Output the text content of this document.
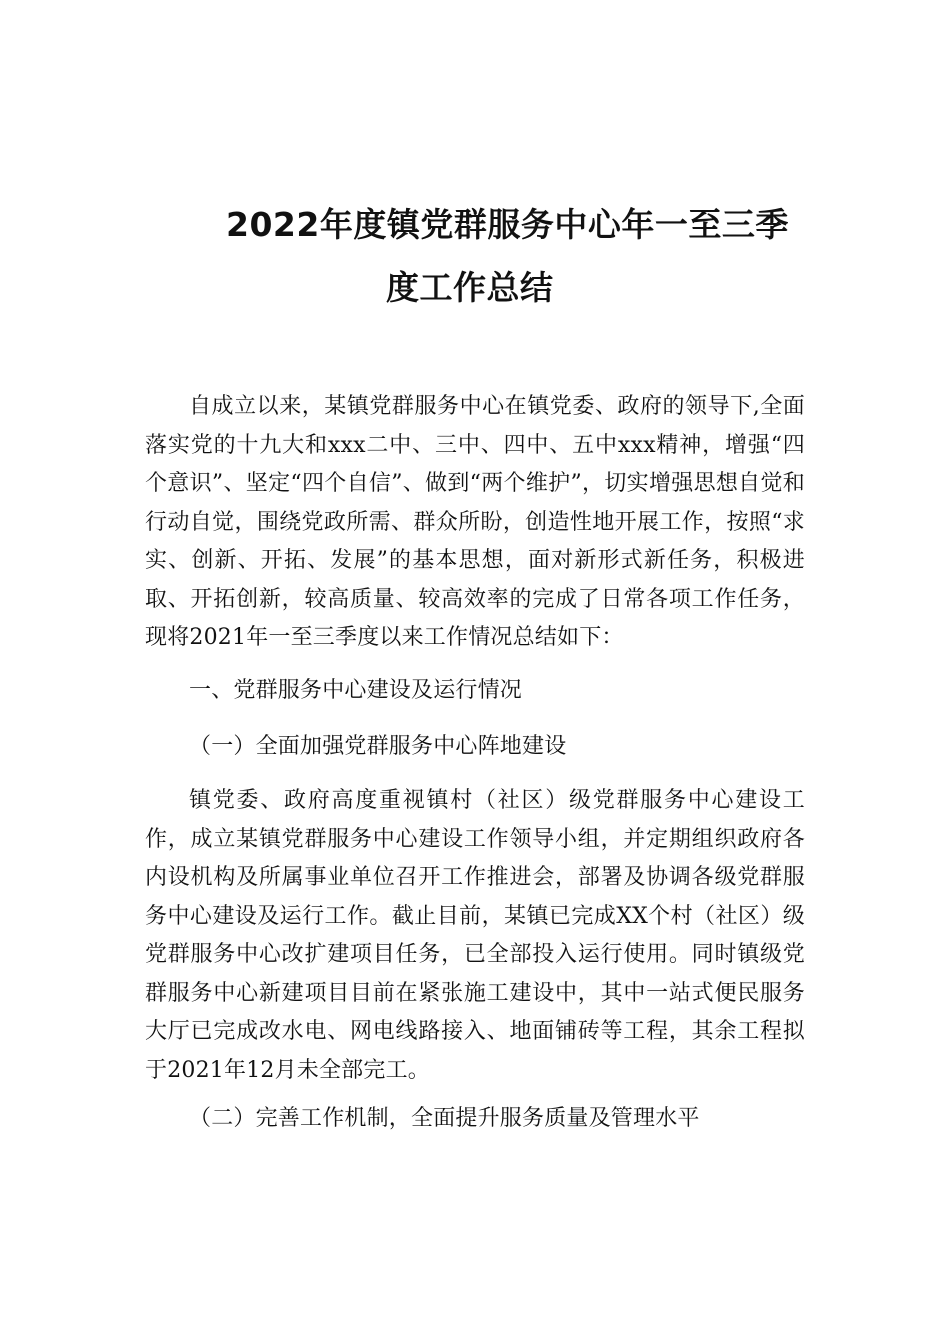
2022年度镇党群服务中心年一至三季
度工作总结
自成立以来，某镇党群服务中心在镇党委、政府的领导下,全面落实党的十九大和xxx二中、三中、四中、五中xxx精神，增强“四个意识”、坚定“四个自信”、做到“两个维护”，切实增强思想自觉和行动自觉，围绕党政所需、群众所盼，创造性地开展工作，按照“求实、创新、开拓、发展”的基本思想，面对新形式新任务，积极进取、开拓创新，较高质量、较高效率的完成了日常各项工作任务，现将2021年一至三季度以来工作情况总结如下：
一、党群服务中心建设及运行情况
（一）全面加强党群服务中心阵地建设
镇党委、政府高度重视镇村（社区）级党群服务中心建设工作，成立某镇党群服务中心建设工作领导小组，并定期组织政府各内设机构及所属事业单位召开工作推进会，部署及协调各级党群服务中心建设及运行工作。截止目前，某镇已完成XX个村（社区）级党群服务中心改扩建项目任务，已全部投入运行使用。同时镇级党群服务中心新建项目目前在紧张施工建设中，其中一站式便民服务大厅已完成改水电、网电线路接入、地面铺砖等工程，其余工程拟于2021年12月未全部完工。
（二）完善工作机制，全面提升服务质量及管理水平
